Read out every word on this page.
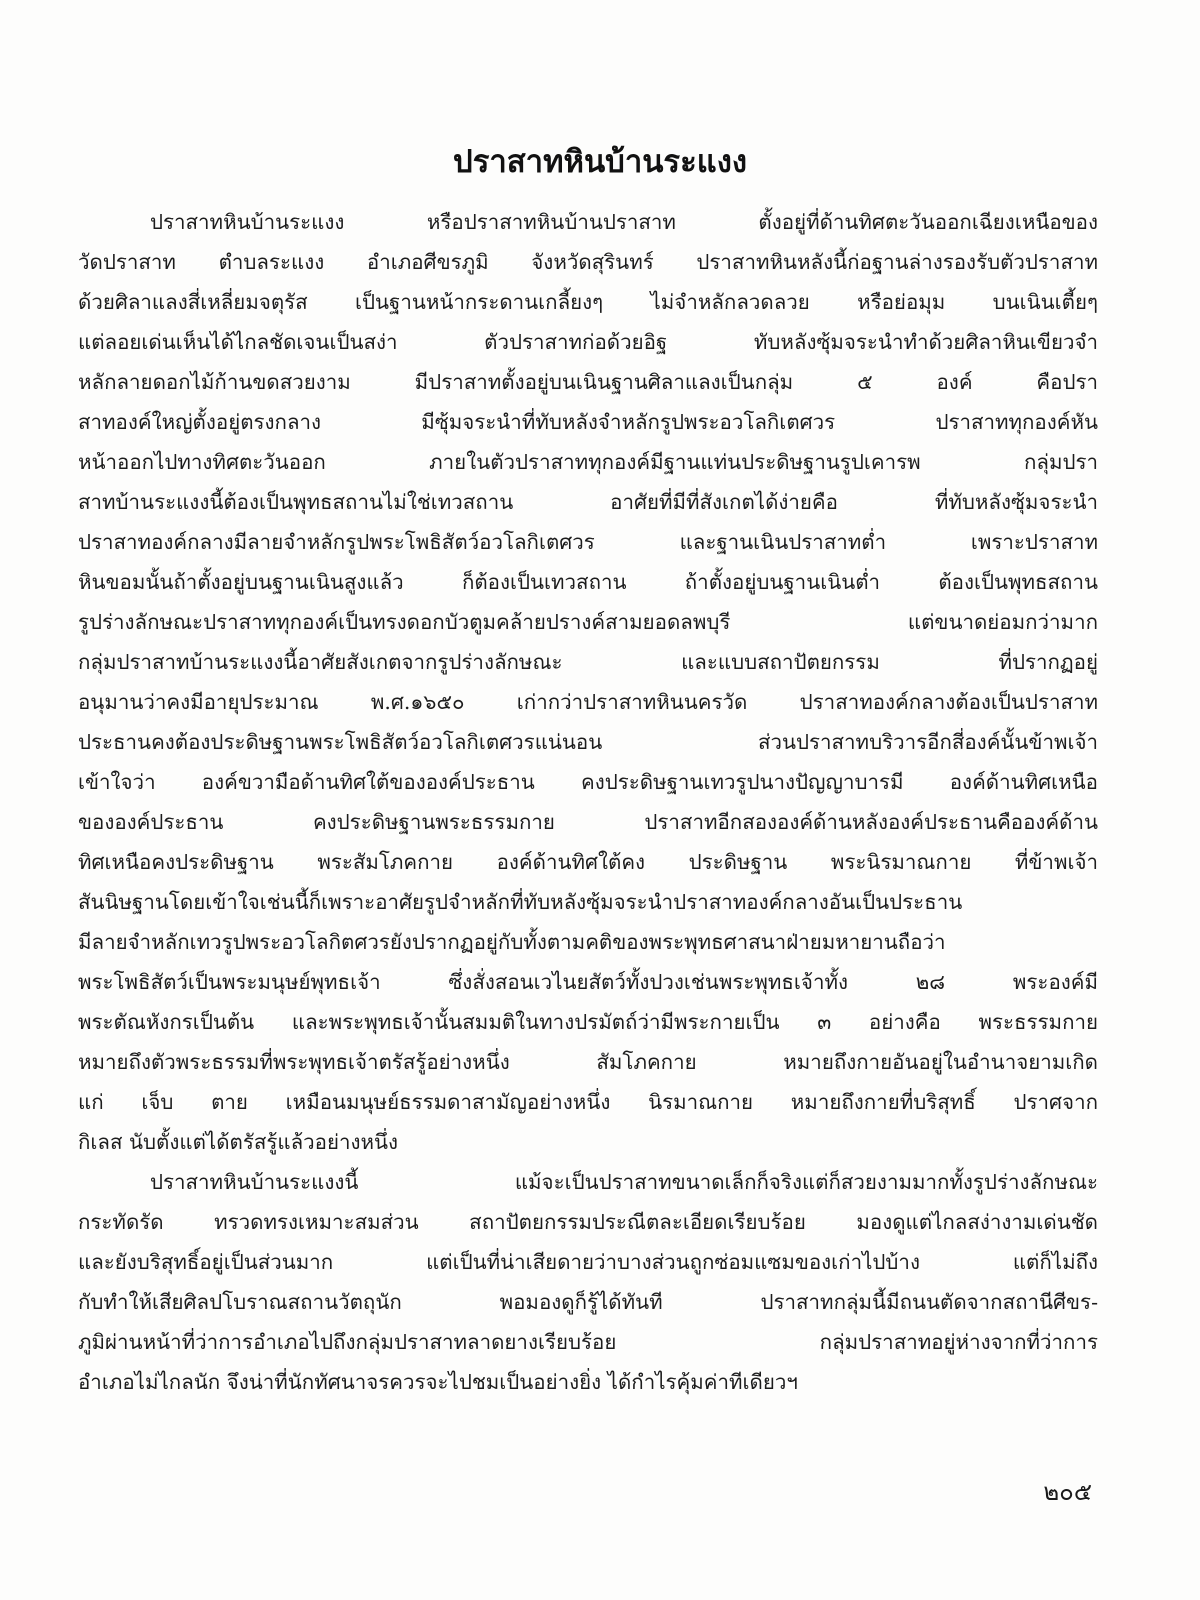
ปราสาทหินบ้านระแงง
ปราสาทหินบ้านระแงง หรือปราสาทหินบ้านปราสาท ตั้งอยู่ที่ด้านทิศตะวันออกเฉียงเหนือของ
วัดปราสาท ตำบลระแงง อำเภอศีขรภูมิ จังหวัดสุรินทร์ ปราสาทหินหลังนี้ก่อฐานล่างรองรับตัวปราสาท
ด้วยศิลาแลงสี่เหลี่ยมจตุรัส เป็นฐานหน้ากระดานเกลี้ยงๆ ไม่จำหลักลวดลวย หรือย่อมุม บนเนินเตี้ยๆ
แต่ลอยเด่นเห็นได้ไกลชัดเจนเป็นสง่า ตัวปราสาทก่อด้วยอิฐ ทับหลังซุ้มจระนำทำด้วยศิลาหินเขียวจำ
หลักลายดอกไม้ก้านขดสวยงาม มีปราสาทตั้งอยู่บนเนินฐานศิลาแลงเป็นกลุ่ม ๕ องค์ คือปรา
สาทองค์ใหญ่ตั้งอยู่ตรงกลาง มีซุ้มจระนำที่ทับหลังจำหลักรูปพระอวโลกิเตศวร ปราสาททุกองค์หัน
หน้าออกไปทางทิศตะวันออก ภายในตัวปราสาททุกองค์มีฐานแท่นประดิษฐานรูปเคารพ กลุ่มปรา
สาทบ้านระแงงนี้ต้องเป็นพุทธสถานไม่ใช่เทวสถาน อาศัยที่มีที่สังเกตได้ง่ายคือ ที่ทับหลังซุ้มจระนำ
ปราสาทองค์กลางมีลายจำหลักรูปพระโพธิสัตว์อวโลกิเตศวร และฐานเนินปราสาทต่ำ เพราะปราสาท
หินขอมนั้นถ้าตั้งอยู่บนฐานเนินสูงแล้ว ก็ต้องเป็นเทวสถาน ถ้าตั้งอยู่บนฐานเนินต่ำ ต้องเป็นพุทธสถาน
รูปร่างลักษณะปราสาททุกองค์เป็นทรงดอกบัวตูมคล้ายปรางค์สามยอดลพบุรี แต่ขนาดย่อมกว่ามาก
กลุ่มปราสาทบ้านระแงงนี้อาศัยสังเกตจากรูปร่างลักษณะ และแบบสถาปัตยกรรม ที่ปรากฏอยู่
อนุมานว่าคงมีอายุประมาณ พ.ศ.๑๖๕๐ เก่ากว่าปราสาทหินนครวัด ปราสาทองค์กลางต้องเป็นปราสาท
ประธานคงต้องประดิษฐานพระโพธิสัตว์อวโลกิเตศวรแน่นอน ส่วนปราสาทบริวารอีกสี่องค์นั้นข้าพเจ้า
เข้าใจว่า องค์ขวามือด้านทิศใต้ขององค์ประธาน คงประดิษฐานเทวรูปนางปัญญาบารมี องค์ด้านทิศเหนือ
ขององค์ประธาน คงประดิษฐานพระธรรมกาย ปราสาทอีกสององค์ด้านหลังองค์ประธานคือองค์ด้าน
ทิศเหนือคงประดิษฐาน พระสัมโภคกาย องค์ด้านทิศใต้คง ประดิษฐาน พระนิรมาณกาย ที่ข้าพเจ้า
สันนิษฐานโดยเข้าใจเช่นนี้ก็เพราะอาศัยรูปจำหลักที่ทับหลังซุ้มจระนำปราสาทองค์กลางอันเป็นประธาน
มีลายจำหลักเทวรูปพระอวโลกิตศวรยังปรากฏอยู่กับทั้งตามคติของพระพุทธศาสนาฝ่ายมหายานถือว่า
พระโพธิสัตว์เป็นพระมนุษย์พุทธเจ้า ซึ่งสั่งสอนเวไนยสัตว์ทั้งปวงเช่นพระพุทธเจ้าทั้ง ๒๘ พระองค์มี
พระตัณหังกรเป็นต้น และพระพุทธเจ้านั้นสมมติในทางปรมัตถ์ว่ามีพระกายเป็น ๓ อย่างคือ พระธรรมกาย
หมายถึงตัวพระธรรมที่พระพุทธเจ้าตรัสรู้อย่างหนึ่ง สัมโภคกาย หมายถึงกายอันอยู่ในอำนาจยามเกิด
แก่ เจ็บ ตาย เหมือนมนุษย์ธรรมดาสามัญอย่างหนึ่ง นิรมาณกาย หมายถึงกายที่บริสุทธิ์ ปราศจาก
กิเลส นับตั้งแต่ได้ตรัสรู้แล้วอย่างหนึ่ง
ปราสาทหินบ้านระแงงนี้ แม้จะเป็นปราสาทขนาดเล็กก็จริงแต่ก็สวยงามมากทั้งรูปร่างลักษณะ
กระทัดรัด ทรวดทรงเหมาะสมส่วน สถาปัตยกรรมประณีตละเอียดเรียบร้อย มองดูแต่ไกลสง่างามเด่นชัด
และยังบริสุทธิ์อยู่เป็นส่วนมาก แต่เป็นที่น่าเสียดายว่าบางส่วนถูกซ่อมแซมของเก่าไปบ้าง แต่ก็ไม่ถึง
กับทำให้เสียศิลปโบราณสถานวัตถุนัก พอมองดูก็รู้ได้ทันที ปราสาทกลุ่มนี้มีถนนตัดจากสถานีศีขร-
ภูมิผ่านหน้าที่ว่าการอำเภอไปถึงกลุ่มปราสาทลาดยางเรียบร้อย กลุ่มปราสาทอยู่ห่างจากที่ว่าการ
อำเภอไม่ไกลนัก จึงน่าที่นักทัศนาจรควรจะไปชมเป็นอย่างยิ่ง ได้กำไรคุ้มค่าทีเดียวฯ
๒๐๕
